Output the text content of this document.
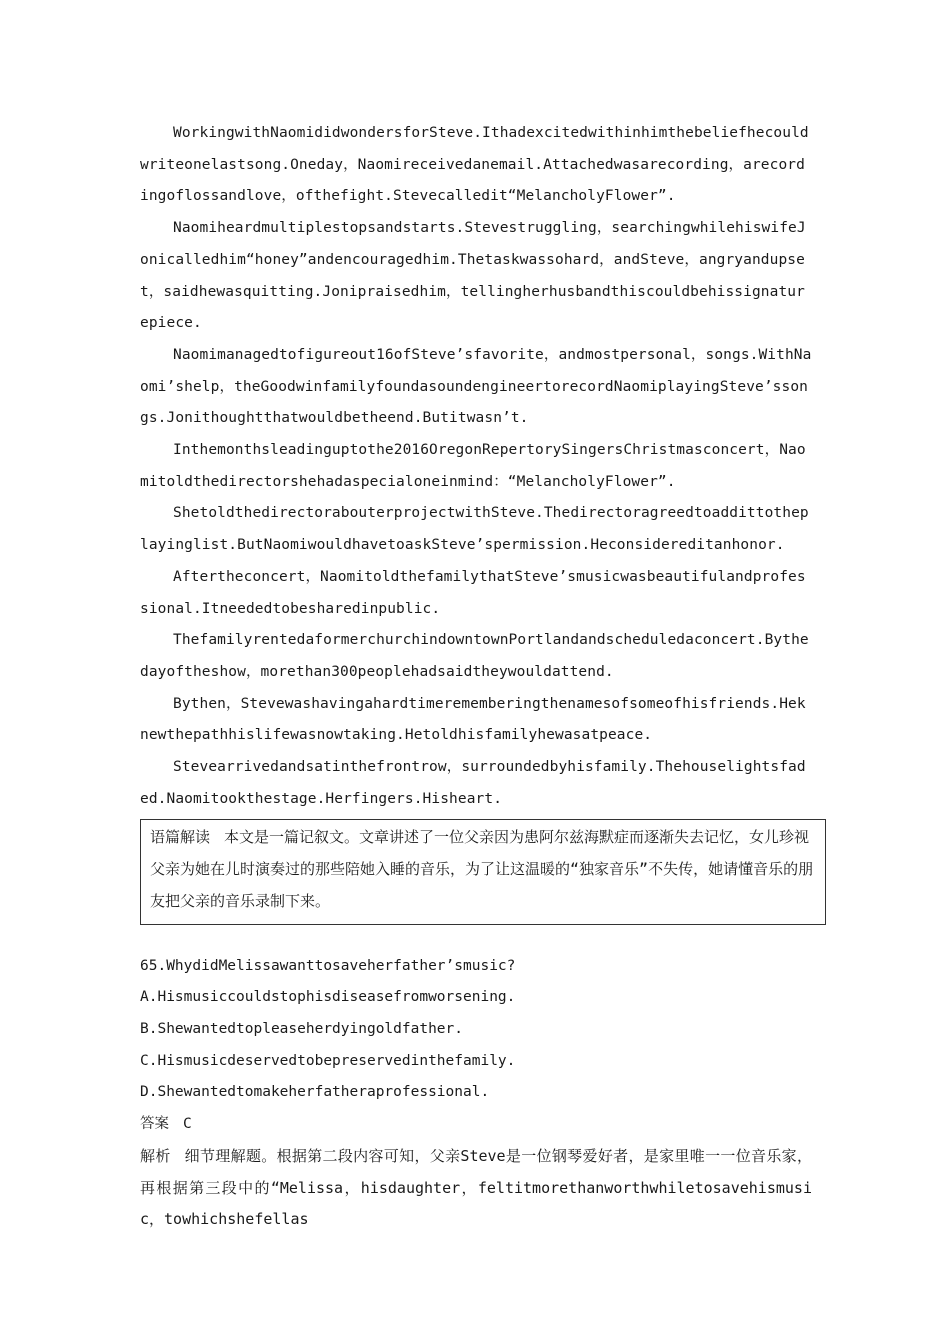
WorkingwithNaomididwondersforSteve.Ithadexcitedwithinhimthebeliefhecouldwriteonelastsong.Oneday，Naomireceivedanemail.Attachedwasarecording，arecordingoflossandlove，ofthefight.Stevecalledit“MelancholyFlower”.

Naomiheardmultiplestopsandstarts.Stevestruggling，searchingwhilehiswifeJonicalledhim“honey”andencouragedhim.Thetaskwassohard，andSteve，angryandupset，saidhewasquitting.Jonipraisedhim，tellingherhusbandthiscouldbehissignaturepiece.

Naomimanagedtofigureout16ofSteve’sfavorite，andmostpersonal，songs.WithNaomi’shelp，theGoodwinfamilyfoundasoundengineertorecordNaomiplayingSteve’ssongs.Jonithoughtthatwouldbetheend.Butitwasn’t.

Inthemonthsleadinguptothe2016OregonRepertorySingersChristmasconcert，Naomitoldthedirectorshehadaspecialoneinmind：“MelancholyFlower”.

ShetoldthedirectorabouterprojectwithSteve.Thedirectoragreedtoaddittotheplayinglist.ButNaomiwouldhavetoaskSteve’spermission.Heconsidereditanhonor.

Aftertheconcert，NaomitoldthefamilythatSteve’smusicwasbeautifulandprofessional.Itneededtobesharedinpublic.

ThefamilyrentedaformerchurchindowntownPortlandandscheduledaconcert.Bythedayoftheshow，morethan300peoplehadsaidtheywouldattend.

Bythen，Stevewashavingahardtimerememberingthenamesofsomeofhisfriends.Heknewthepathhislifewasnowtaking.Hetoldhisfamilyhewasatpeace.

Stevearrivedandsatinthefrontrow，surroundedbyhisfamily.Thehouselightsfaded.Naomitookthestage.Herfingers.Hisheart.

语篇解读 本文是一篇记叙文。文章讲述了一位父亲因为患阿尔兹海默症而逐渐失去记忆，女儿珍视父亲为她在儿时演奏过的那些陪她入睡的音乐，为了让这温暖的“独家音乐”不失传，她请懂音乐的朋友把父亲的音乐录制下来。

65.WhydidMelissawanttosaveherfather’smusic?

A.Hismusiccouldstophisdiseasefromworsening.

B.Shewantedtopleaseherdyingoldfather.

C.Hismusicdeservedtobepreservedinthefamily.

D.Shewantedtomakeherfatheraprofessional.

答案 C

解析 细节理解题。根据第二段内容可知，父亲Steve是一位钢琴爱好者，是家里唯一一位音乐家，再根据第三段中的“Melissa，hisdaughter，feltitmorethanworthwhiletosavehismusic，towhichshefellas
